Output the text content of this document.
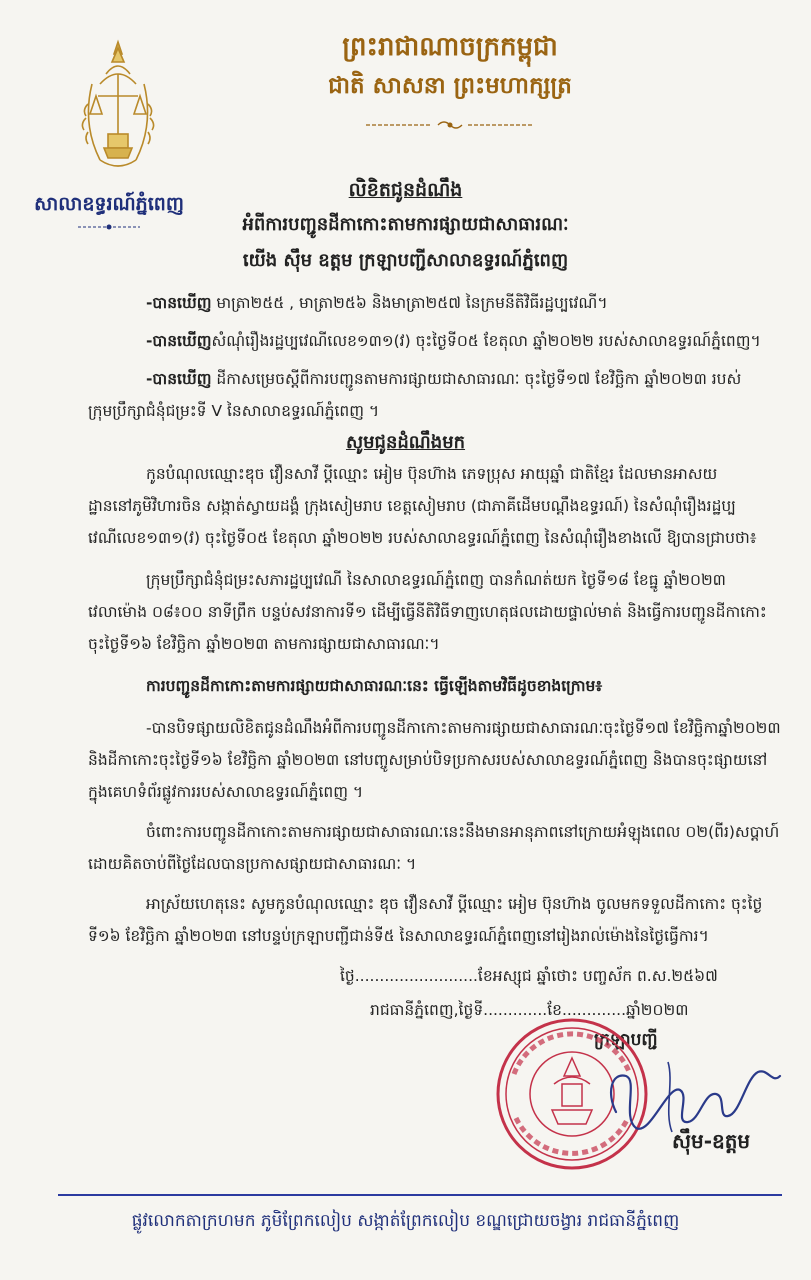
សាលាឧទ្ធរណ៍ភ្នំពេញ
ព្រះរាជាណាចក្រកម្ពុជា
ជាតិ សាសនា ព្រះមហាក្សត្រ
លិខិតជូនដំណឹង
អំពីការបញ្ជូនដីកាកោះតាមការផ្សាយជាសាធារណៈ
យើង ស៊ឹម ឧត្តម ក្រឡាបញ្ជីសាលាឧទ្ធរណ៍ភ្នំពេញ
-បានឃើញ មាត្រា២៥៥ , មាត្រា២៥៦ និងមាត្រា២៥៧ នៃក្រមនីតិវិធីរដ្ឋប្បវេណី។
-បានឃើញសំណុំរឿងរដ្ឋប្បវេណីលេខ១៣១(វ) ចុះថ្ងៃទី០៥ ខែតុលា ឆ្នាំ២០២២ របស់សាលាឧទ្ធរណ៍ភ្នំពេញ។
-បានឃើញ ដីកាសម្រេចស្តីពីការបញ្ជូនតាមការផ្សាយជាសាធារណៈ ចុះថ្ងៃទី១៧ ខែវិច្ឆិកា ឆ្នាំ២០២៣ របស់
ក្រុមប្រឹក្សាជំនុំជម្រះទី V នៃសាលាឧទ្ធរណ៍ភ្នំពេញ ។
សូមជូនដំណឹងមក
កូនបំណុលឈ្មោះឌុច វឿនសាវី ប្តីឈ្មោះ អៀម ប៊ុនហ៊ាង ភេទប្រុស អាយុឆ្នាំ ជាតិខ្មែរ ដែលមានអាសយ
ដ្ឋាននៅភូមិវិហារចិន សង្កាត់ស្វាយដង្គំ ក្រុងសៀមរាប ខេត្តសៀមរាប (ជាភាគីដើមបណ្តឹងឧទ្ធរណ៍) នៃសំណុំរឿងរដ្ឋប្ប
វេណីលេខ១៣១(វ) ចុះថ្ងៃទី០៥ ខែតុលា ឆ្នាំ២០២២ របស់សាលាឧទ្ធរណ៍ភ្នំពេញ នៃសំណុំរឿងខាងលើ ឱ្យបានជ្រាបថា៖
ក្រុមប្រឹក្សាជំនុំជម្រះសភារដ្ឋប្បវេណី នៃសាលាឧទ្ធរណ៍ភ្នំពេញ បានកំណត់យក ថ្ងៃទី១៨ ខែធ្នូ ឆ្នាំ២០២៣
វេលាម៉ោង ០៨៖០០ នាទីព្រឹក បន្ទប់សវនាការទី១ ដើម្បីធ្វើនីតិវិធីទាញហេតុផលដោយផ្ទាល់មាត់ និងធ្វើការបញ្ជូនដីកាកោះ
ចុះថ្ងៃទី១៦ ខែវិច្ឆិកា ឆ្នាំ២០២៣ តាមការផ្សាយជាសាធារណៈ។
ការបញ្ជូនដីកាកោះតាមការផ្សាយជាសាធារណៈនេះ ធ្វើឡើងតាមវិធីដូចខាងក្រោម៖
-បានបិទផ្សាយលិខិតជូនដំណឹងអំពីការបញ្ជូនដីកាកោះតាមការផ្សាយជាសាធារណៈចុះថ្ងៃទី១៧ ខែវិច្ឆិកាឆ្នាំ២០២៣
និងដីកាកោះចុះថ្ងៃទី១៦ ខែវិច្ឆិកា ឆ្នាំ២០២៣ នៅបញ្ចូសម្រាប់បិទប្រកាសរបស់សាលាឧទ្ធរណ៍ភ្នំពេញ និងបានចុះផ្សាយនៅ
ក្នុងគេហទំព័រផ្លូវការរបស់សាលាឧទ្ធរណ៍ភ្នំពេញ ។
ចំពោះការបញ្ជូនដីកាកោះតាមការផ្សាយជាសាធារណៈនេះនឹងមានអានុភាពនៅក្រោយអំឡុងពេល ០២(ពីរ)សប្តាហ៍
ដោយគិតចាប់ពីថ្ងៃដែលបានប្រកាសផ្សាយជាសាធារណៈ ។
អាស្រ័យហេតុនេះ សូមកូនបំណុលឈ្មោះ ឌុច វឿនសាវី ប្តីឈ្មោះ អៀម ប៊ុនហ៊ាង ចូលមកទទួលដីកាកោះ ចុះថ្ងៃ
ទី១៦ ខែវិច្ឆិកា ឆ្នាំ២០២៣ នៅបន្ទប់ក្រឡាបញ្ជីជាន់ទី៥ នៃសាលាឧទ្ធរណ៍ភ្នំពេញនៅរៀងរាល់ម៉ោងនៃថ្ងៃធ្វើការ។
ថ្ងៃ.........................ខែអស្សុជ ឆ្នាំថោះ បញ្ចស័ក ព.ស.២៥៦៧
រាជធានីភ្នំពេញ,ថ្ងៃទី.............ខែ.............ឆ្នាំ២០២៣
ក្រឡាបញ្ជី
ស៊ឹម-ឧត្តម
ផ្លូវលោកតាក្រហមក ភូមិព្រែកលៀប សង្កាត់ព្រែកលៀប ខណ្ឌជ្រោយចង្វារ រាជធានីភ្នំពេញ
